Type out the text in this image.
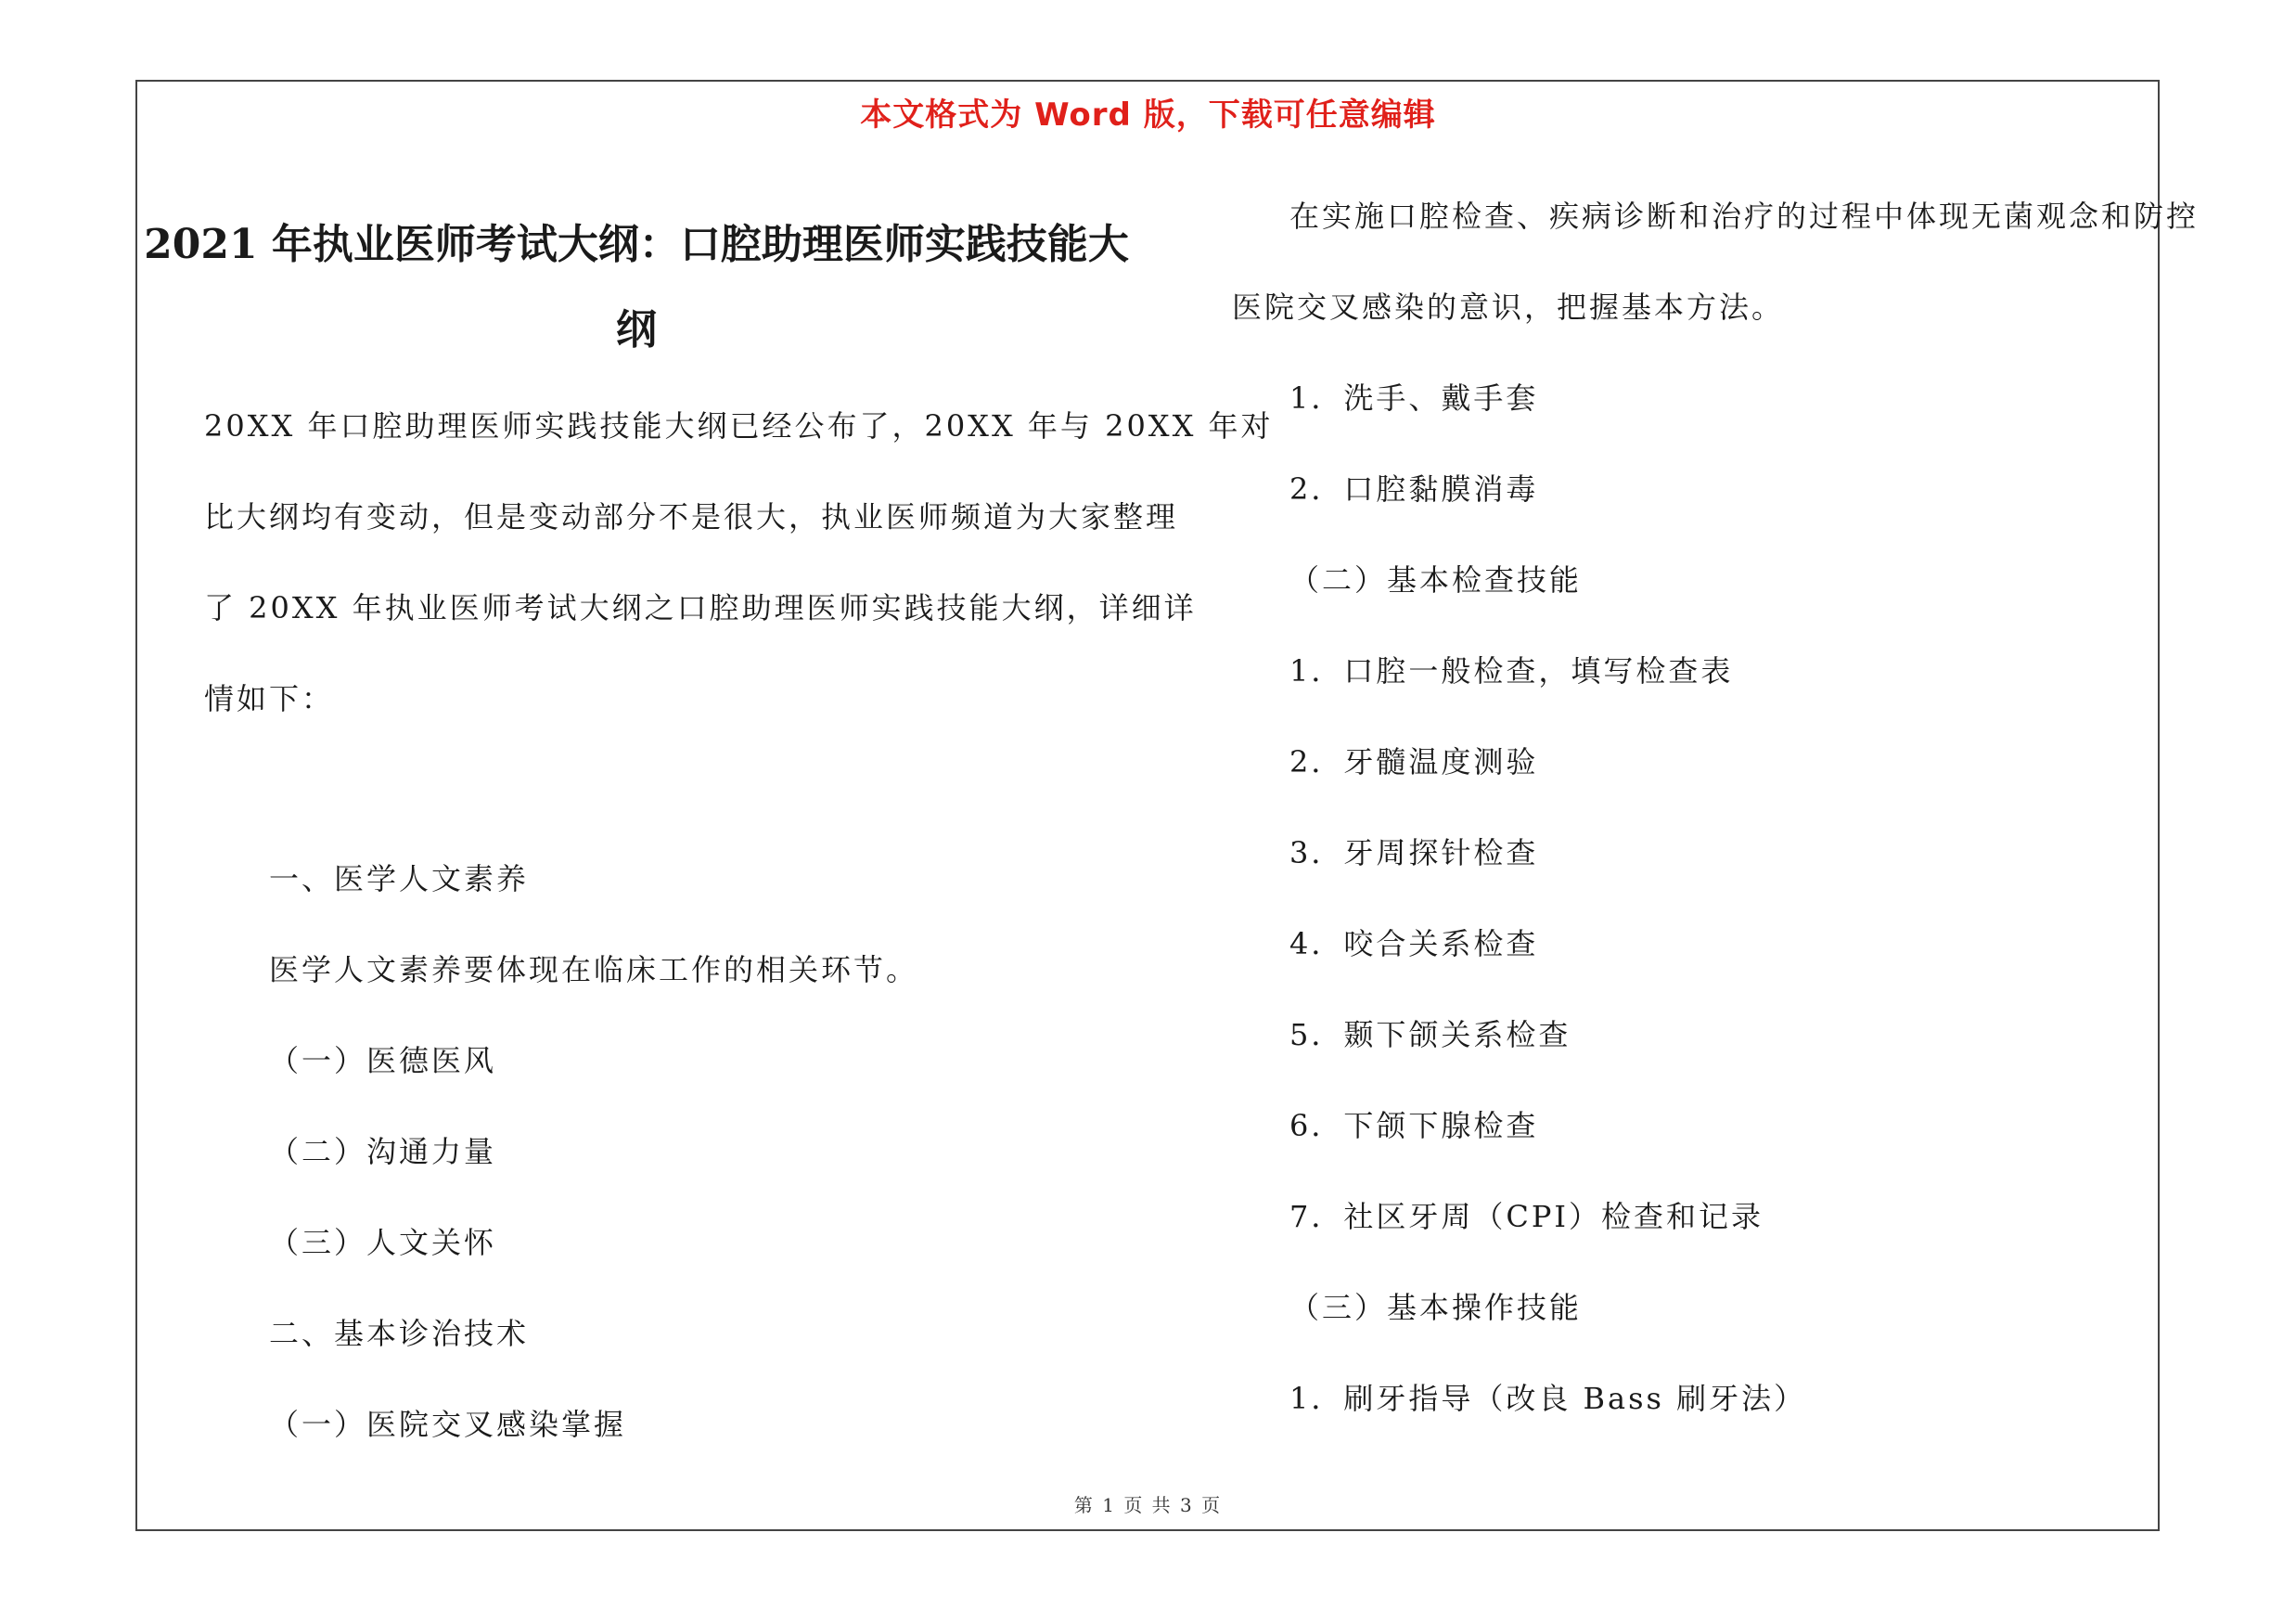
本文格式为 Word 版，下载可任意编辑
2021 年执业医师考试大纲：口腔助理医师实践技能大
纲
20XX 年口腔助理医师实践技能大纲已经公布了，20XX 年与 20XX 年对
比大纲均有变动，但是变动部分不是很大，执业医师频道为大家整理
了 20XX 年执业医师考试大纲之口腔助理医师实践技能大纲，详细详
情如下：
一、医学人文素养
医学人文素养要体现在临床工作的相关环节。
（一）医德医风
（二）沟通力量
（三）人文关怀
二、基本诊治技术
（一）医院交叉感染掌握
在实施口腔检查、疾病诊断和治疗的过程中体现无菌观念和防控
医院交叉感染的意识，把握基本方法。
1．洗手、戴手套
2．口腔黏膜消毒
（二）基本检查技能
1．口腔一般检查，填写检查表
2．牙髓温度测验
3．牙周探针检查
4．咬合关系检查
5．颞下颌关系检查
6．下颌下腺检查
7．社区牙周（CPI）检查和记录
（三）基本操作技能
1．刷牙指导（改良 Bass 刷牙法）
第 1 页 共 3 页
